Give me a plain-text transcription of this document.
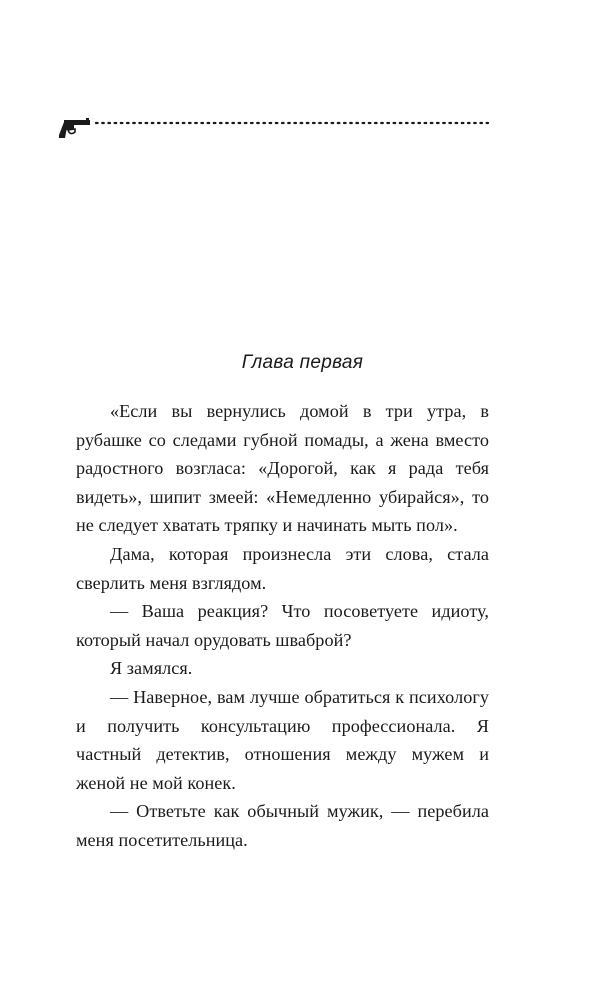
Глава первая

«Если вы вернулись домой в три утра, в рубашке со следами губной помады, а жена вместо радостного возгласа: «Дорогой, как я рада тебя видеть», шипит змеей: «Немедленно убирайся», то не следует хватать тряпку и начинать мыть пол».

Дама, которая произнесла эти слова, стала сверлить меня взглядом.

— Ваша реакция? Что посоветуете идиоту, который начал орудовать шваброй?

Я замялся.

— Наверное, вам лучше обратиться к психологу и получить консультацию профессионала. Я частный детектив, отношения между мужем и женой не мой конек.

— Ответьте как обычный мужик, — перебила меня посетительница.
